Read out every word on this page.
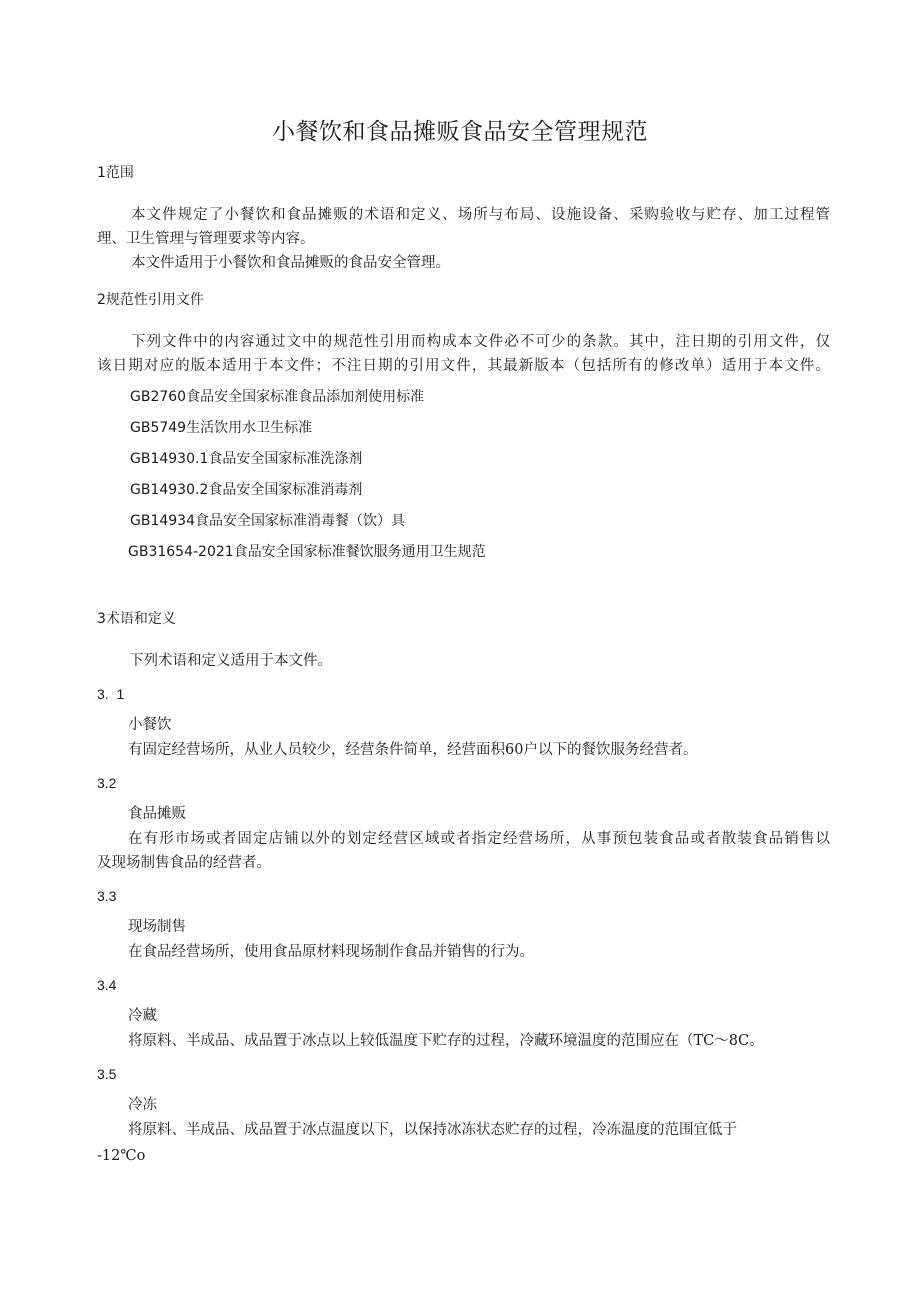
小餐饮和食品摊贩食品安全管理规范
1范围
本文件规定了小餐饮和食品摊贩的术语和定义、场所与布局、设施设备、采购验收与贮存、加工过程管
理、卫生管理与管理要求等内容。
本文件适用于小餐饮和食品摊贩的食品安全管理。
2规范性引用文件
下列文件中的内容通过文中的规范性引用而构成本文件必不可少的条款。其中，注日期的引用文件，仅
该日期对应的版本适用于本文件；不注日期的引用文件，其最新版本（包括所有的修改单）适用于本文件。
GB2760食品安全国家标准食品添加剂使用标准
GB5749生活饮用水卫生标准
GB14930.1食品安全国家标准洗涤剂
GB14930.2食品安全国家标准消毒剂
GB14934食品安全国家标准消毒餐（饮）具
GB31654-2021食品安全国家标准餐饮服务通用卫生规范
3术语和定义
下列术语和定义适用于本文件。
3.  1
小餐饮
有固定经营场所，从业人员较少，经营条件简单，经营面积60户以下的餐饮服务经营者。
3.2
食品摊贩
在有形市场或者固定店铺以外的划定经营区域或者指定经营场所，从事预包装食品或者散装食品销售以
及现场制售食品的经营者。
3.3
现场制售
在食品经营场所，使用食品原材料现场制作食品并销售的行为。
3.4
冷藏
将原料、半成品、成品置于冰点以上较低温度下贮存的过程，冷藏环境温度的范围应在（TC～8C。
3.5
冷冻
将原料、半成品、成品置于冰点温度以下，以保持冰冻状态贮存的过程，冷冻温度的范围宜低于
-12℃o
